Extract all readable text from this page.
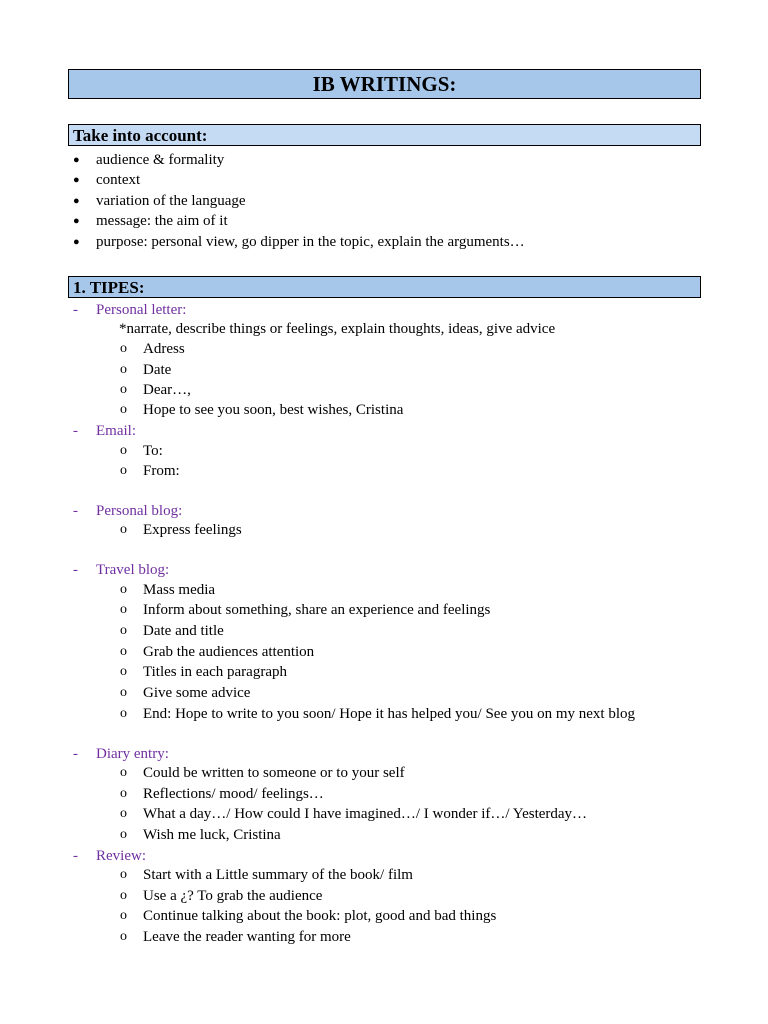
IB WRITINGS:
Take into account:
● audience & formality
● context
● variation of the language
● message: the aim of it
● purpose: personal view, go dipper in the topic, explain the arguments…
1. TIPES:
- Personal letter:
*narrate, describe things or feelings, explain thoughts, ideas, give advice
o Adress
o Date
o Dear…,
o Hope to see you soon, best wishes, Cristina
- Email:
o To:
o From:
- Personal blog:
o Express feelings
- Travel blog:
o Mass media
o Inform about something, share an experience and feelings
o Date and title
o Grab the audiences attention
o Titles in each paragraph
o Give some advice
o End: Hope to write to you soon/ Hope it has helped you/ See you on my next blog
- Diary entry:
o Could be written to someone or to your self
o Reflections/ mood/ feelings…
o What a day…/ How could I have imagined…/ I wonder if…/ Yesterday…
o Wish me luck, Cristina
- Review:
o Start with a Little summary of the book/ film
o Use a ¿? To grab the audience
o Continue talking about the book: plot, good and bad things
o Leave the reader wanting for more
